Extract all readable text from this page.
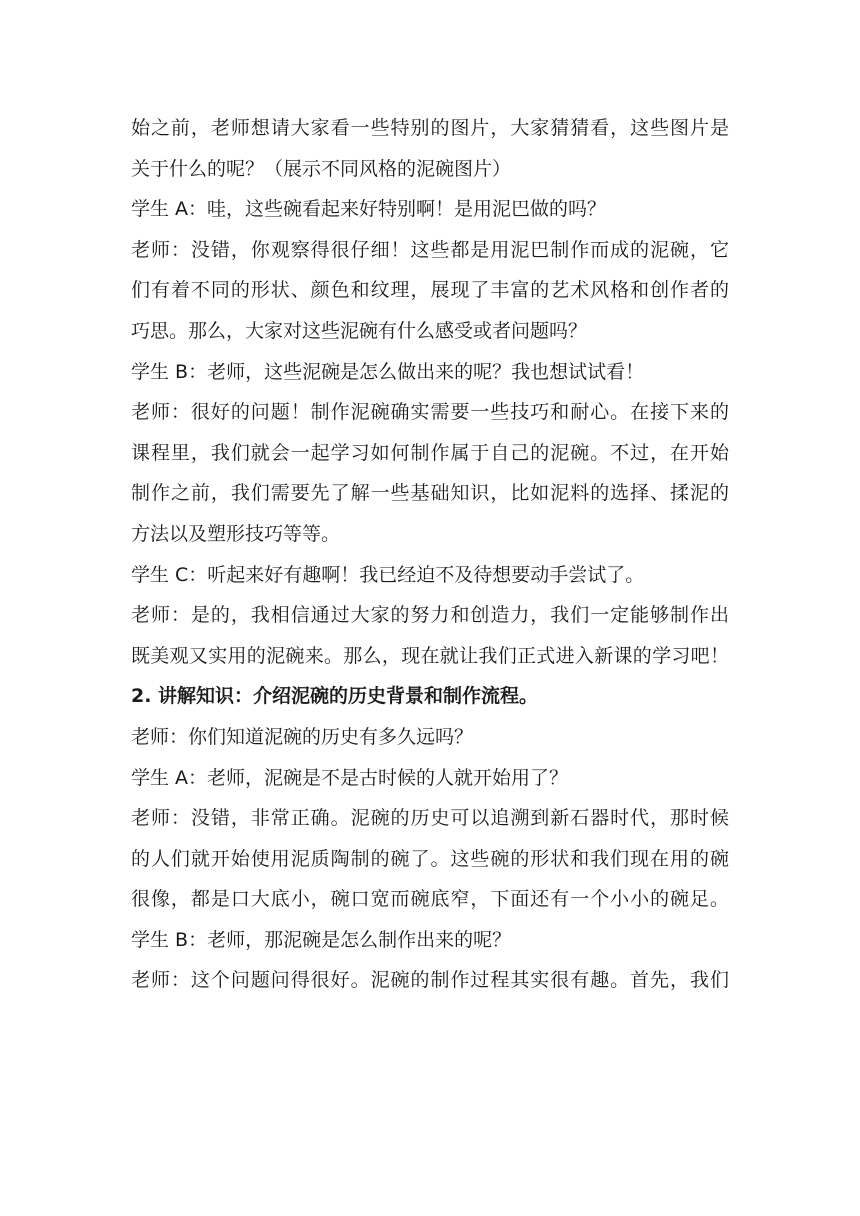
始之前，老师想请大家看一些特别的图片，大家猜猜看，这些图片是
关于什么的呢？（展示不同风格的泥碗图片）
学生 A：哇，这些碗看起来好特别啊！是用泥巴做的吗？
老师：没错，你观察得很仔细！这些都是用泥巴制作而成的泥碗，它
们有着不同的形状、颜色和纹理，展现了丰富的艺术风格和创作者的
巧思。那么，大家对这些泥碗有什么感受或者问题吗？
学生 B：老师，这些泥碗是怎么做出来的呢？我也想试试看！
老师：很好的问题！制作泥碗确实需要一些技巧和耐心。在接下来的
课程里，我们就会一起学习如何制作属于自己的泥碗。不过，在开始
制作之前，我们需要先了解一些基础知识，比如泥料的选择、揉泥的
方法以及塑形技巧等等。
学生 C：听起来好有趣啊！我已经迫不及待想要动手尝试了。
老师：是的，我相信通过大家的努力和创造力，我们一定能够制作出
既美观又实用的泥碗来。那么，现在就让我们正式进入新课的学习吧！
2. 讲解知识：介绍泥碗的历史背景和制作流程。
老师：你们知道泥碗的历史有多久远吗？
学生 A：老师，泥碗是不是古时候的人就开始用了？
老师：没错，非常正确。泥碗的历史可以追溯到新石器时代，那时候
的人们就开始使用泥质陶制的碗了。这些碗的形状和我们现在用的碗
很像，都是口大底小，碗口宽而碗底窄，下面还有一个小小的碗足。
学生 B：老师，那泥碗是怎么制作出来的呢？
老师：这个问题问得很好。泥碗的制作过程其实很有趣。首先，我们
